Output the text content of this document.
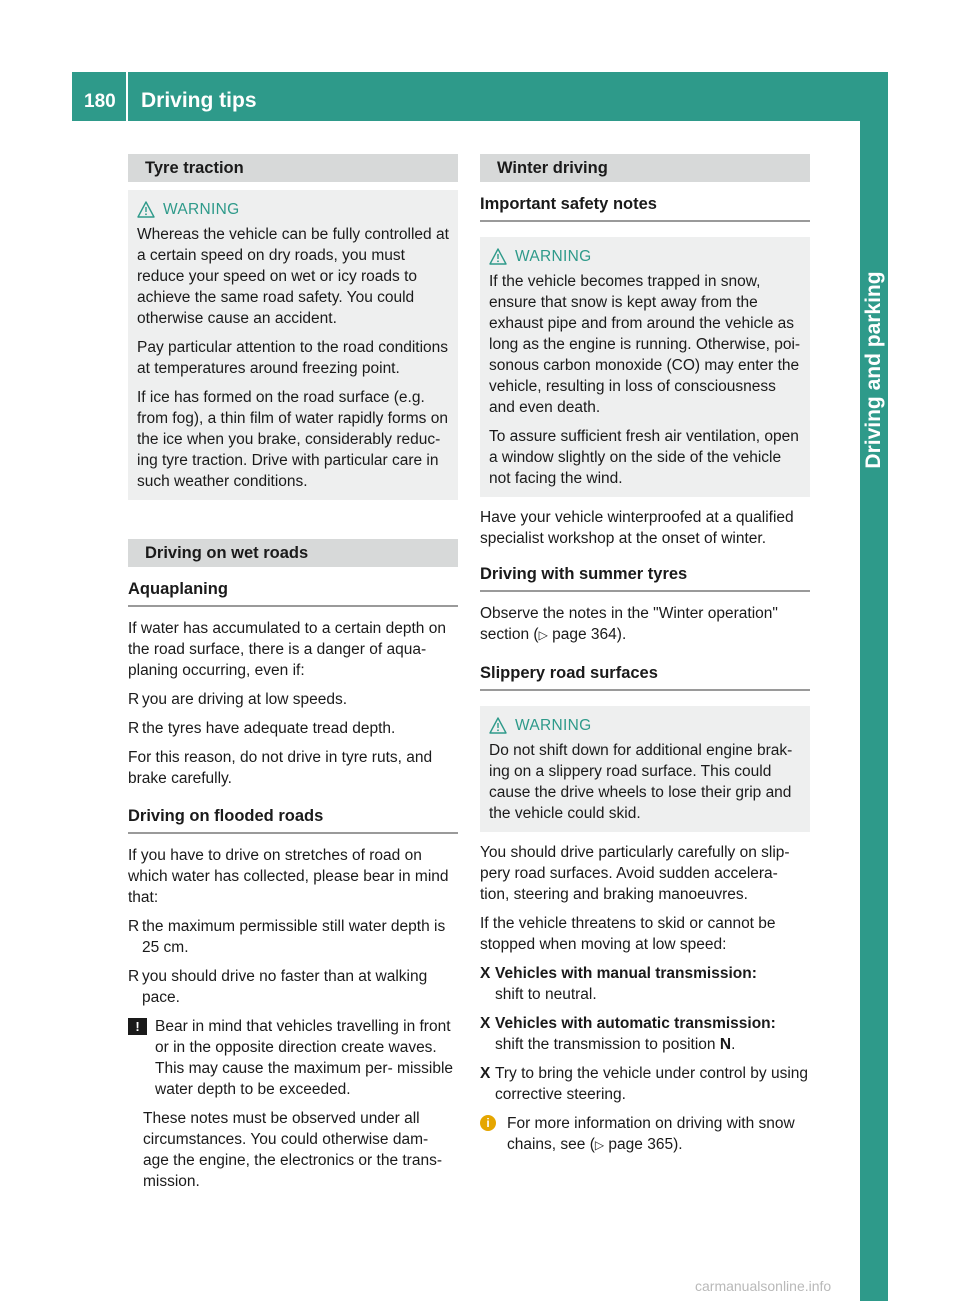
180 Driving tips
Driving and parking
Tyre traction
WARNING

Whereas the vehicle can be fully controlled at a certain speed on dry roads, you must reduce your speed on wet or icy roads to achieve the same road safety. You could otherwise cause an accident.

Pay particular attention to the road conditions at temperatures around freezing point.

If ice has formed on the road surface (e.g. from fog), a thin film of water rapidly forms on the ice when you brake, considerably reduc- ing tyre traction. Drive with particular care in such weather conditions.

Driving on wet roads
Aquaplaning

If water has accumulated to a certain depth on the road surface, there is a danger of aqua- planing occurring, even if:

R you are driving at low speeds.
R the tyres have adequate tread depth.

For this reason, do not drive in tyre ruts, and brake carefully.

Driving on flooded roads

If you have to drive on stretches of road on which water has collected, please bear in mind that:

R the maximum permissible still water depth is 25 cm.
R you should drive no faster than at walking pace.
! Bear in mind that vehicles travelling in front or in the opposite direction create waves. This may cause the maximum per- missible water depth to be exceeded.

These notes must be observed under all circumstances. You could otherwise dam- age the engine, the electronics or the trans- mission.

Winter driving
Important safety notes
WARNING

If the vehicle becomes trapped in snow, ensure that snow is kept away from the exhaust pipe and from around the vehicle as long as the engine is running. Otherwise, poi- sonous carbon monoxide (CO) may enter the vehicle, resulting in loss of consciousness and even death.

To assure sufficient fresh air ventilation, open a window slightly on the side of the vehicle not facing the wind.

Have your vehicle winterproofed at a qualified specialist workshop at the onset of winter.

Driving with summer tyres

Observe the notes in the "Winter operation" section (▷ page 364).

Slippery road surfaces
WARNING

Do not shift down for additional engine brak- ing on a slippery road surface. This could cause the drive wheels to lose their grip and the vehicle could skid.

You should drive particularly carefully on slip- pery road surfaces. Avoid sudden accelera- tion, steering and braking manoeuvres.

If the vehicle threatens to skid or cannot be stopped when moving at low speed:

X Vehicles with manual transmission:
shift to neutral.
X Vehicles with automatic transmission:
shift the transmission to position N.
X Try to bring the vehicle under control by using corrective steering.
i	For more information on driving with snow chains, see (▷ page 365).
carmanualsonline.info
